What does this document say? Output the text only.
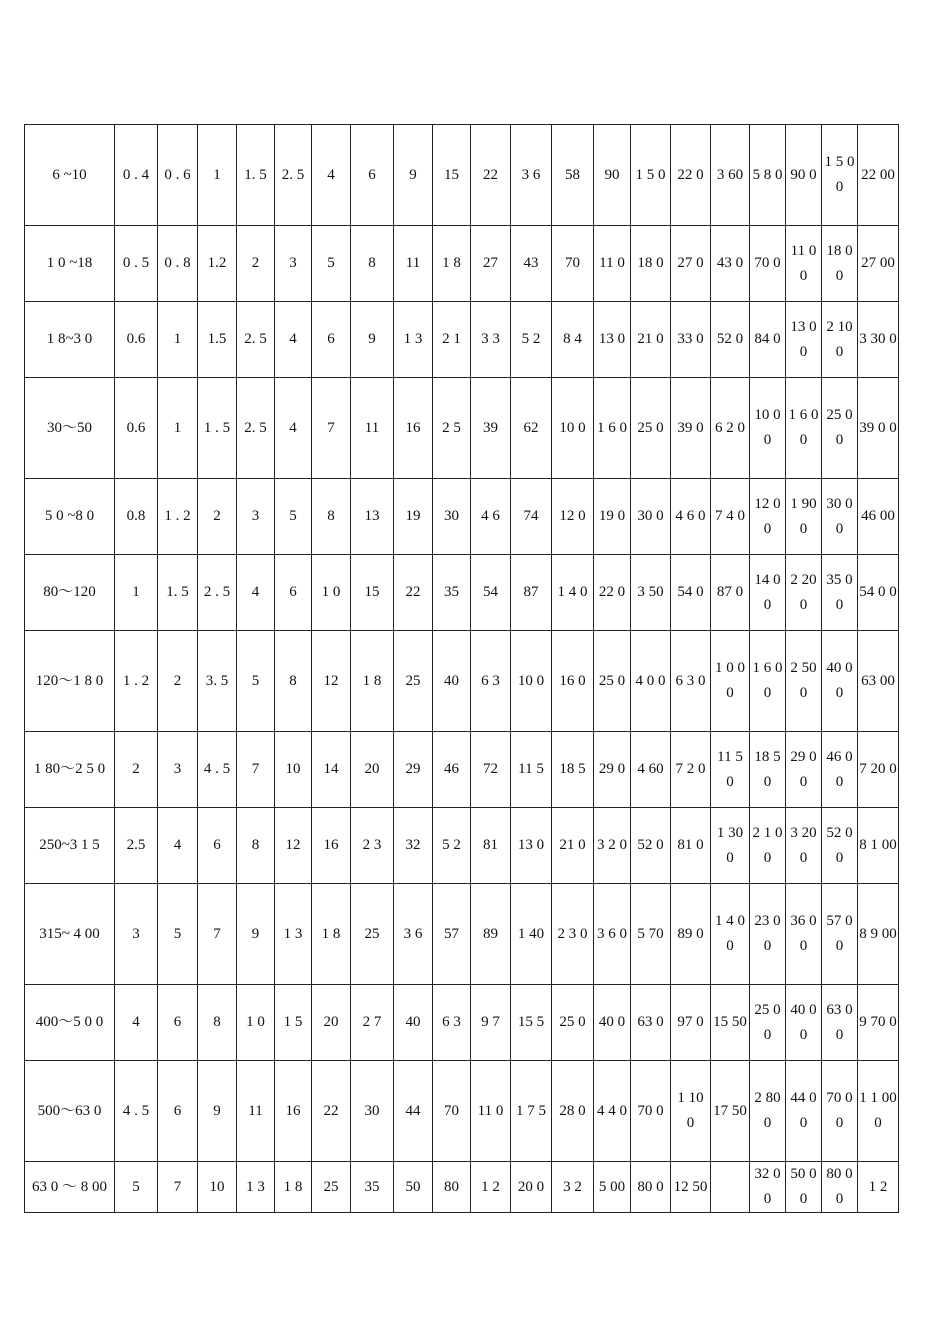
6 ~10	0 . 4	0 . 6	1	1. 5	2. 5	4	6	9	15	22	3 6	58	90	1 5 0	22 0	3 60	5 8 0	90 0	1 5 0 0	22 00
1 0 ~18	0 . 5	0 . 8	1.2	2	3	5	8	11	1 8	27	43	70	11 0	18 0	27 0	43 0	70 0	11 00	18 00	27 00
1 8~3 0	0.6	1	1.5	2. 5	4	6	9	1 3	2 1	3 3	5 2	8 4	13 0	21 0	33 0	52 0	84 0	13 00	2 10 0	3 30 0
30～50	0.6	1	1 . 5	2. 5	4	7	11	16	2 5	39	62	10 0	1 6 0	25 0	39 0	6 2 0	10 00	1 6 0 0	25 0 0	39 0 0
5 0 ~8 0	0.8	1 . 2	2	3	5	8	13	19	30	4 6	74	12 0	19 0	30 0	4 6 0	7 4 0	12 00	1 90 0	30 00	46 00
80～120	1	1. 5	2 . 5	4	6	1 0	15	22	35	54	87	1 4 0	22 0	3 50	54 0	87 0	14 00	2 20 0	35 00	54 0 0
120～1 8 0	1 . 2	2	3. 5	5	8	12	1 8	25	40	6 3	10 0	16 0	25 0	4 0 0	6 3 0	1 0 0 0	1 6 0 0	2 50 0	40 00	63 00
1 80～2 5 0	2	3	4 . 5	7	10	14	20	29	46	72	11 5	18 5	29 0	4 60	7 2 0	11 5 0	18 50	29 00	46 00	7 20 0
250~3 1 5	2.5	4	6	8	12	16	2 3	32	5 2	81	13 0	21 0	3 2 0	52 0	81 0	1 30 0	2 1 00	3 20 0	52 0 0	8 1 00
315~ 4 00	3	5	7	9	1 3	1 8	25	3 6	57	89	1 40	2 3 0	3 6 0	5 70	89 0	1 4 0 0	23 00	36 0 0	57 00	8 9 00
400～5 0 0	4	6	8	1 0	1 5	20	2 7	40	6 3	9 7	15 5	25 0	40 0	63 0	97 0	15 50	25 00	40 00	63 00	9 70 0
500～63 0	4 . 5	6	9	11	16	22	30	44	70	11 0	1 7 5	28 0	4 4 0	70 0	1 10 0	17 50	2 80 0	44 0 0	70 0 0	1 1 00 0
63 0 ～ 8 00	5	7	10	1 3	1 8	25	35	50	80	1 2	20 0	3 2	5 00	80 0	12 50		32 00	50 00	80 00	1 2
